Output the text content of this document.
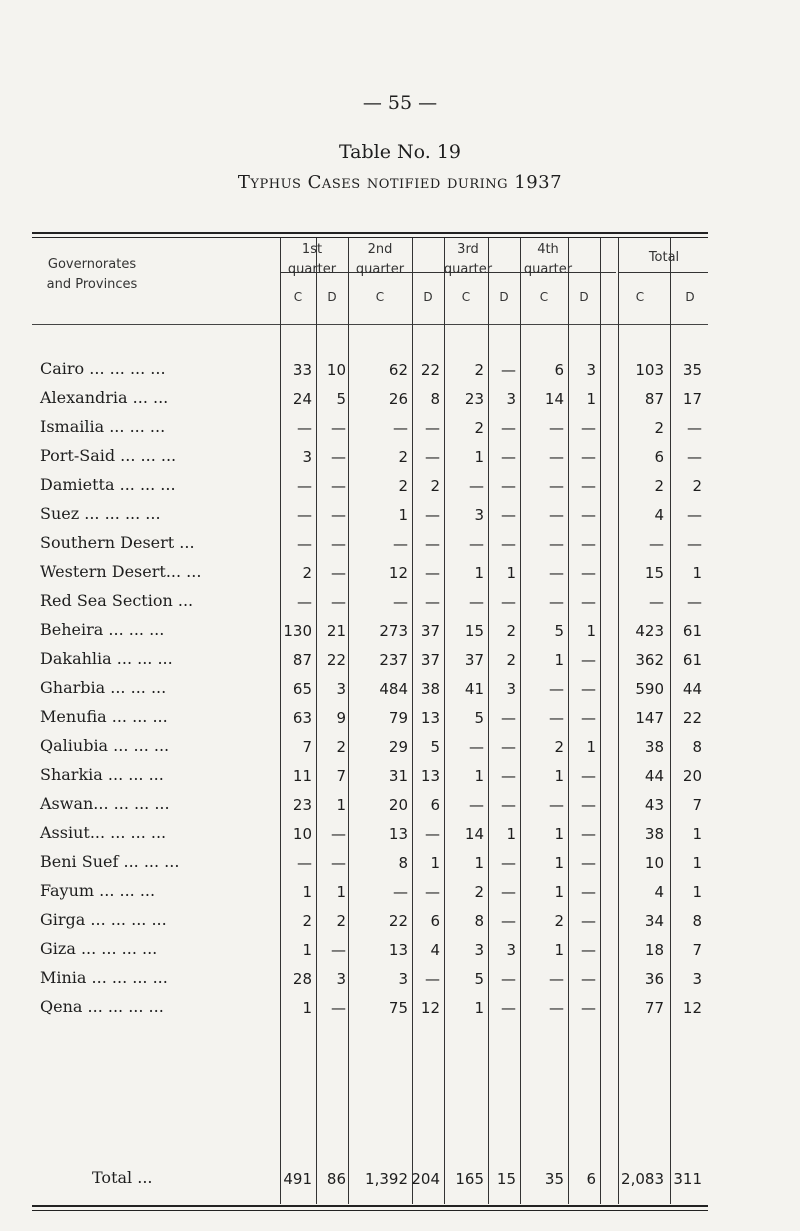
— 55 —
Table No. 19
Typhus Cases notified during 1937
Governorates
and Provinces
1st quarter
2nd quarter
3rd quarter
4th quarter
Total
C	D	C	D	C	D	C	D	C	D
Cairo ... ... ... ...	33 10	62 22	2	—	6	3	103	35
Alexandria ... ...	24	5	26	8	23	3	14	1	87	17
Ismailia ... ... ...	—	—	—	—	2	—	—	—	2	—
Port-Said ... ... ...	3	—	2	—	1	—	—	—	6	—
Damietta ... ... ...	—	—	2	2	—	—	—	—	2	2
Suez ... ... ... ...	—	—	1	—	3	—	—	—	4	—
Southern Desert ...	—	—	—	—	—	—	—	—	—	—
Western Desert... ...	2	—	12	—	1	1	—	—	15	1
Red Sea Section ...	—	—	—	—	—	—	—	—	—	—
Beheira ... ... ...	130 21	273 37	15	2	5	1	423	61
Dakahlia ... ... ...	87 22	237 37	37	2	1	—	362	61
Gharbia ... ... ...	65	3	484 38	41	3	—	—	590	44
Menufia ... ... ...	63	9	79 13	5	—	—	—	147	22
Qaliubia ... ... ...	7	2	29	5	—	—	2	1	38	8
Sharkia ... ... ...	11	7	31 13	1	—	1	—	44	20
Aswan... ... ... ...	23	1	20	6	—	—	—	—	43	7
Assiut... ... ... ...	10	—	13	—	14	1	1	—	38	1
Beni Suef ... ... ...	—	—	8	1	1	—	1	—	10	1
Fayum ... ... ...	1	1	—	—	2	—	1	—	4	1
Girga ... ... ... ...	2	2	22	6	8	—	2	—	34	8
Giza ... ... ... ...	1	—	13	4	3	3	1	—	18	7
Minia ... ... ... ...	28	3	3	—	5	—	—	—	36	3
Qena ... ... ... ...	1	—	75 12	1	—	—	—	77	12
Total ...	491 86	1,392 204	165 15	35	6	2,083 311
